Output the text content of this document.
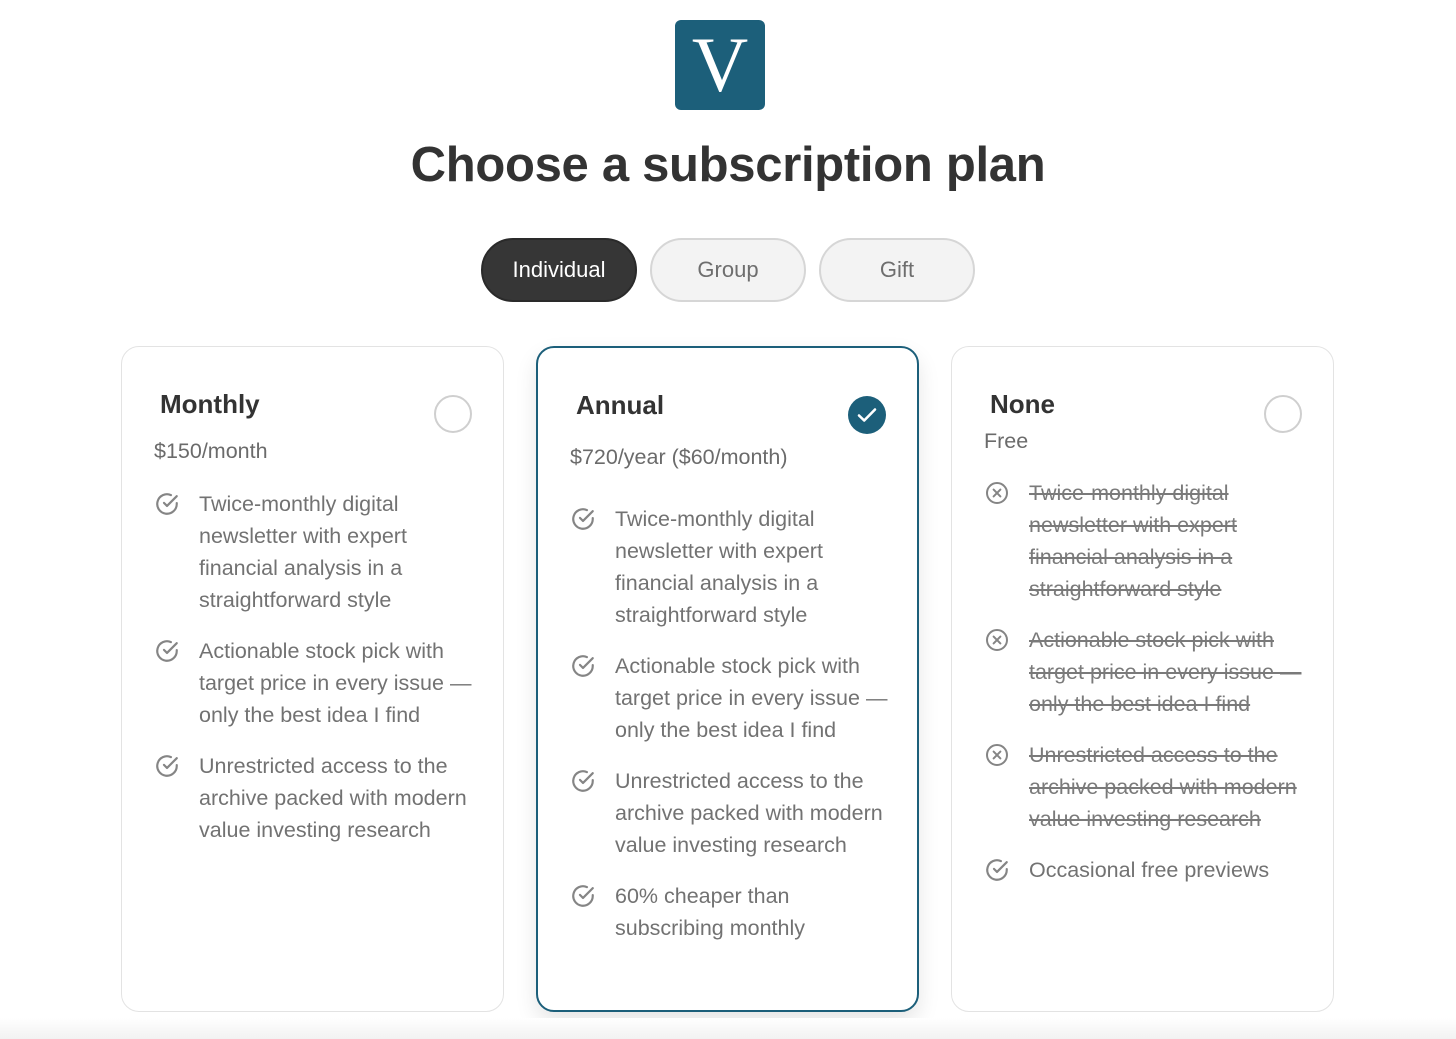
V
Choose a subscription plan
Individual	Group	Gift
Monthly
$150/month
Twice-monthly digital newsletter with expert financial analysis in a straightforward style
Actionable stock pick with target price in every issue —only the best idea I find
Unrestricted access to the archive packed with modern value investing research
Annual
$720/year ($60/month)
Twice-monthly digital newsletter with expert financial analysis in a straightforward style
Actionable stock pick with target price in every issue —only the best idea I find
Unrestricted access to the archive packed with modern value investing research
60% cheaper than subscribing monthly
None
Free
Twice-monthly digital newsletter with expert financial analysis in a straightforward style
Actionable stock pick with target price in every issue —only the best idea I find
Unrestricted access to the archive packed with modern value investing research
Occasional free previews
